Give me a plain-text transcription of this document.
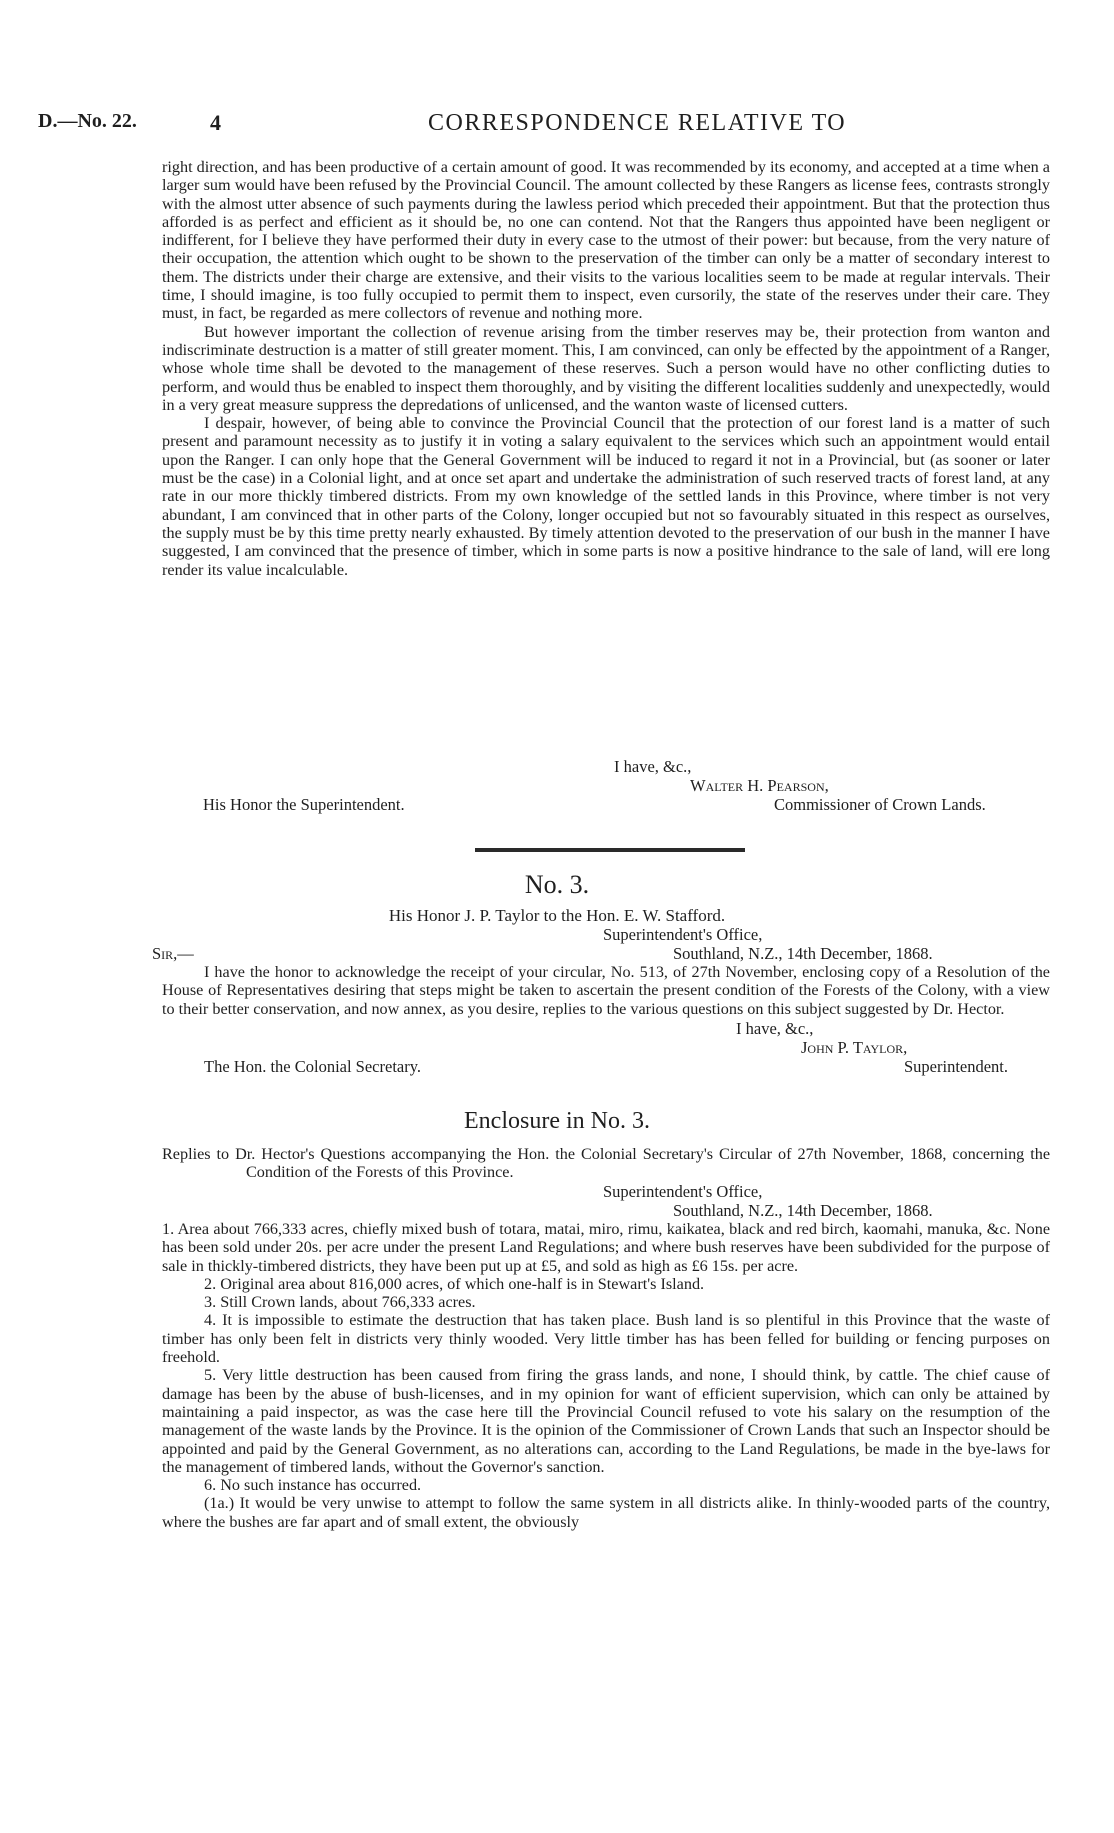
D.—No. 22.	4	CORRESPONDENCE RELATIVE TO

right direction, and has been productive of a certain amount of good. It was recommended by its economy, and accepted at a time when a larger sum would have been refused by the Provincial Council. The amount collected by these Rangers as license fees, contrasts strongly with the almost utter absence of such payments during the lawless period which preceded their appointment. But that the protection thus afforded is as perfect and efficient as it should be, no one can contend. Not that the Rangers thus appointed have been negligent or indifferent, for I believe they have performed their duty in every case to the utmost of their power: but because, from the very nature of their occupation, the attention which ought to be shown to the preservation of the timber can only be a matter of secondary interest to them. The districts under their charge are extensive, and their visits to the various localities seem to be made at regular intervals. Their time, I should imagine, is too fully occupied to permit them to inspect, even cursorily, the state of the reserves under their care. They must, in fact, be regarded as mere collectors of revenue and nothing more.

But however important the collection of revenue arising from the timber reserves may be, their protection from wanton and indiscriminate destruction is a matter of still greater moment. This, I am convinced, can only be effected by the appointment of a Ranger, whose whole time shall be devoted to the management of these reserves. Such a person would have no other conflicting duties to perform, and would thus be enabled to inspect them thoroughly, and by visiting the different localities suddenly and unexpectedly, would in a very great measure suppress the depredations of unlicensed, and the wanton waste of licensed cutters.

I despair, however, of being able to convince the Provincial Council that the protection of our forest land is a matter of such present and paramount necessity as to justify it in voting a salary equivalent to the services which such an appointment would entail upon the Ranger. I can only hope that the General Government will be induced to regard it not in a Provincial, but (as sooner or later must be the case) in a Colonial light, and at once set apart and undertake the administration of such reserved tracts of forest land, at any rate in our more thickly timbered districts. From my own knowledge of the settled lands in this Province, where timber is not very abundant, I am convinced that in other parts of the Colony, longer occupied but not so favourably situated in this respect as ourselves, the supply must be by this time pretty nearly exhausted. By timely attention devoted to the preservation of our bush in the manner I have suggested, I am convinced that the presence of timber, which in some parts is now a positive hindrance to the sale of land, will ere long render its value incalculable.

I have, &c.,
Walter H. Pearson,
His Honor the Superintendent.	Commissioner of Crown Lands.
No. 3.
His Honor J. P. Taylor to the Hon. E. W. Stafford.
Superintendent's Office,
Sir,—	Southland, N.Z., 14th December, 1868.

I have the honor to acknowledge the receipt of your circular, No. 513, of 27th November, enclosing copy of a Resolution of the House of Representatives desiring that steps might be taken to ascertain the present condition of the Forests of the Colony, with a view to their better conservation, and now annex, as you desire, replies to the various questions on this subject suggested by Dr. Hector.

I have, &c.,
John P. Taylor,
The Hon. the Colonial Secretary.	Superintendent.
Enclosure in No. 3.

Replies to Dr. Hector's Questions accompanying the Hon. the Colonial Secretary's Circular of 27th November, 1868, concerning the Condition of the Forests of this Province.

Superintendent's Office,
Southland, N.Z., 14th December, 1868.

1. Area about 766,333 acres, chiefly mixed bush of totara, matai, miro, rimu, kaikatea, black and red birch, kaomahi, manuka, &c. None has been sold under 20s. per acre under the present Land Regulations; and where bush reserves have been subdivided for the purpose of sale in thickly-timbered districts, they have been put up at £5, and sold as high as £6 15s. per acre.

2. Original area about 816,000 acres, of which one-half is in Stewart's Island.

3. Still Crown lands, about 766,333 acres.

4. It is impossible to estimate the destruction that has taken place. Bush land is so plentiful in this Province that the waste of timber has only been felt in districts very thinly wooded. Very little timber has has been felled for building or fencing purposes on freehold.

5. Very little destruction has been caused from firing the grass lands, and none, I should think, by cattle. The chief cause of damage has been by the abuse of bush-licenses, and in my opinion for want of efficient supervision, which can only be attained by maintaining a paid inspector, as was the case here till the Provincial Council refused to vote his salary on the resumption of the management of the waste lands by the Province. It is the opinion of the Commissioner of Crown Lands that such an Inspector should be appointed and paid by the General Government, as no alterations can, according to the Land Regulations, be made in the bye-laws for the management of timbered lands, without the Governor's sanction.

6. No such instance has occurred.

(1a.) It would be very unwise to attempt to follow the same system in all districts alike. In thinly-wooded parts of the country, where the bushes are far apart and of small extent, the obviously
